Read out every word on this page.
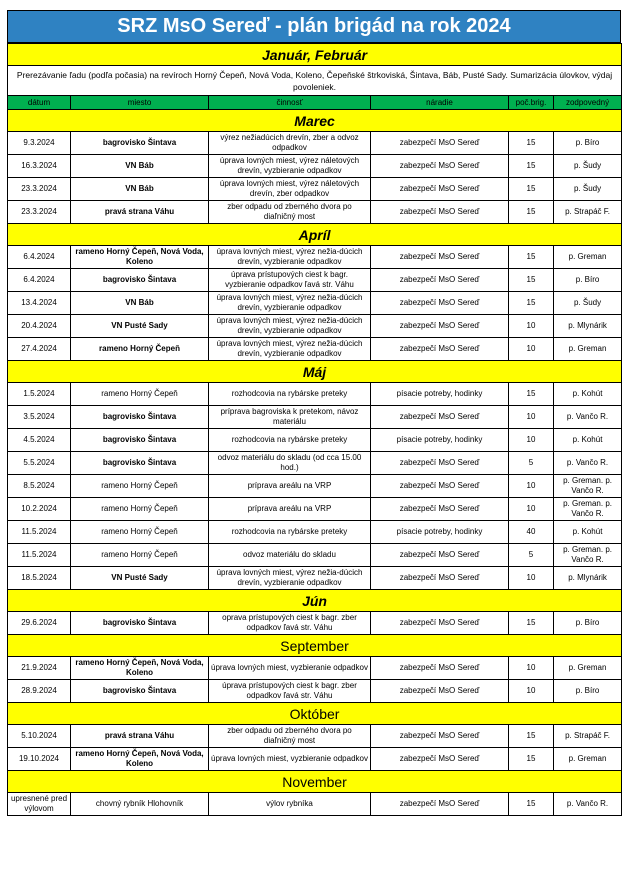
SRZ MsO Sereď - plán brigád na rok 2024
Január, Február					
Prerezávanie ľadu (podľa počasia) na revíroch Horný Čepeň, Nová Voda, Koleno, Čepeňské štrkoviská, Šintava, Báb, Pusté Sady. Sumarizácia úlovkov, výdaj povoleniek.					
dátum	miesto	činnosť	náradie	poč.brig.	zodpovedný
Marec					
9.3.2024	bagrovisko Šintava	výrez nežiadúcich drevín, zber a odvoz odpadkov	zabezpečí MsO Sereď	15	p. Bíro
16.3.2024	VN Báb	úprava lovných miest, výrez náletových drevín, vyzbieranie odpadkov	zabezpečí MsO Sereď	15	p. Šudy
23.3.2024	VN Báb	úprava lovných miest, výrez náletových drevín, zber odpadkov	zabezpečí MsO Sereď	15	p. Šudy
23.3.2024	pravá strana Váhu	zber odpadu od zberného dvora po diaľničný most	zabezpečí MsO Sereď	15	p. Strapáč F.
Apríl					
6.4.2024	rameno Horný Čepeň, Nová Voda, Koleno	úprava lovných miest, výrez nežia-dúcich drevín, vyzbieranie odpadkov	zabezpečí MsO Sereď	15	p. Greman
6.4.2024	bagrovisko Šintava	úprava prístupových ciest k bagr. vyzbieranie odpadkov ľavá str. Váhu	zabezpečí MsO Sereď	15	p. Bíro
13.4.2024	VN Báb	úprava lovných miest, výrez nežia-dúcich drevín, vyzbieranie odpadkov	zabezpečí MsO Sereď	15	p. Šudy
20.4.2024	VN Pusté Sady	úprava lovných miest, výrez nežia-dúcich drevín, vyzbieranie odpadkov	zabezpečí MsO Sereď	10	p. Mlynárik
27.4.2024	rameno Horný Čepeň	úprava lovných miest, výrez nežia-dúcich drevín, vyzbieranie odpadkov	zabezpečí MsO Sereď	10	p. Greman
Máj					
1.5.2024	rameno Horný Čepeň	rozhodcovia na rybárske preteky	písacie potreby, hodinky	15	p. Kohút
3.5.2024	bagrovisko Šintava	príprava bagroviska k pretekom, návoz materiálu	zabezpečí MsO Sereď	10	p. Vančo R.
4.5.2024	bagrovisko Šintava	rozhodcovia na rybárske preteky	písacie potreby, hodinky	10	p. Kohút
5.5.2024	bagrovisko Šintava	odvoz materiálu do skladu (od cca 15.00 hod.)	zabezpečí MsO Sereď	5	p. Vančo R.
8.5.2024	rameno Horný Čepeň	príprava areálu na VRP	zabezpečí MsO Sereď	10	p. Greman. p. Vančo R.
10.2.2024	rameno Horný Čepeň	príprava areálu na VRP	zabezpečí MsO Sereď	10	p. Greman. p. Vančo R.
11.5.2024	rameno Horný Čepeň	rozhodcovia na rybárske preteky	písacie potreby, hodinky	40	p. Kohút
11.5.2024	rameno Horný Čepeň	odvoz materiálu do skladu	zabezpečí MsO Sereď	5	p. Greman. p. Vančo R.
18.5.2024	VN Pusté Sady	úprava lovných miest, výrez nežia-dúcich drevín, vyzbieranie odpadkov	zabezpečí MsO Sereď	10	p. Mlynárik
Jún					
29.6.2024	bagrovisko Šintava	oprava prístupových ciest k bagr. zber odpadkov ľavá str. Váhu	zabezpečí MsO Sereď	15	p. Bíro
September					
21.9.2024	rameno Horný Čepeň, Nová Voda, Koleno	úprava lovných miest, vyzbieranie odpadkov	zabezpečí MsO Sereď	10	p. Greman
28.9.2024	bagrovisko Šintava	úprava prístupových ciest k bagr. zber odpadkov ľavá str. Váhu	zabezpečí MsO Sereď	10	p. Bíro
Október					
5.10.2024	pravá strana Váhu	zber odpadu od zberného dvora po diaľničný most	zabezpečí MsO Sereď	15	p. Strapáč F.
19.10.2024	rameno Horný Čepeň, Nová Voda, Koleno	úprava lovných miest, vyzbieranie odpadkov	zabezpečí MsO Sereď	15	p. Greman
November					
upresnené pred výlovom	chovný rybník Hlohovník	výlov rybníka	zabezpečí MsO Sereď	15	p. Vančo R.
